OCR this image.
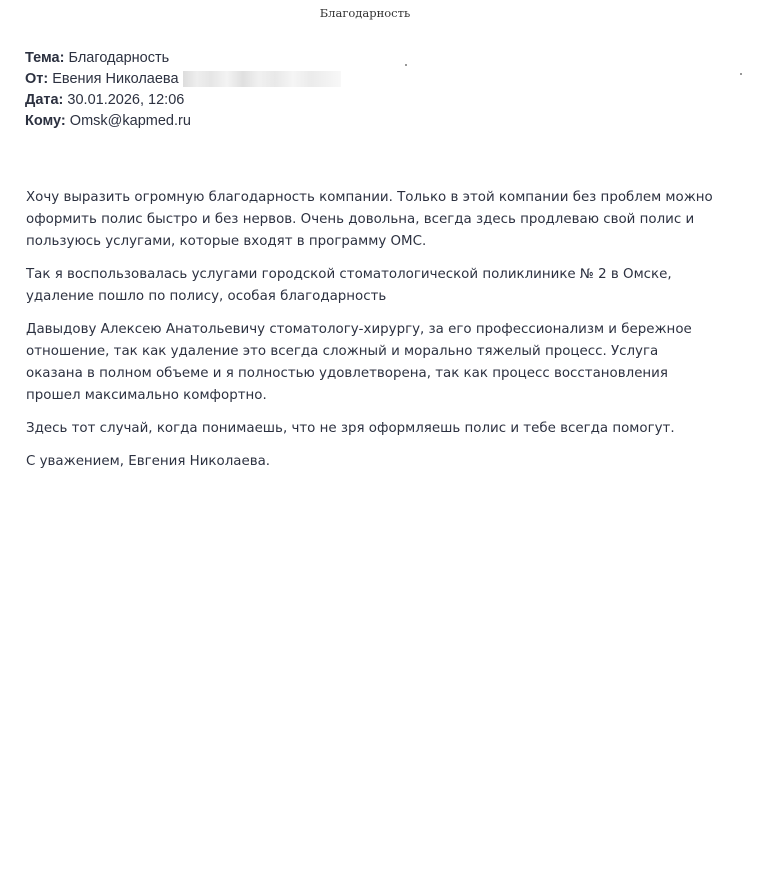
Благодарность
Тема: Благодарность
От: Евения Николаева
Дата: 30.01.2026, 12:06
Кому: Omsk@kapmed.ru

Хочу выразить огромную благодарность компании. Только в этой компании без проблем можно оформить полис быстро и без нервов. Очень довольна, всегда здесь продлеваю свой полис и пользуюсь услугами, которые входят в программу ОМС.

Так я воспользовалась услугами городской стоматологической поликлинике № 2 в Омске, удаление пошло по полису, особая благодарность

Давыдову Алексею Анатольевичу стоматологу-хирургу, за его профессионализм и бережное отношение, так как удаление это всегда сложный и морально тяжелый процесс. Услуга оказана в полном объеме и я полностью удовлетворена, так как процесс восстановления прошел максимально комфортно.

Здесь тот случай, когда понимаешь, что не зря оформляешь полис и тебе всегда помогут.

С уважением, Евгения Николаева.
